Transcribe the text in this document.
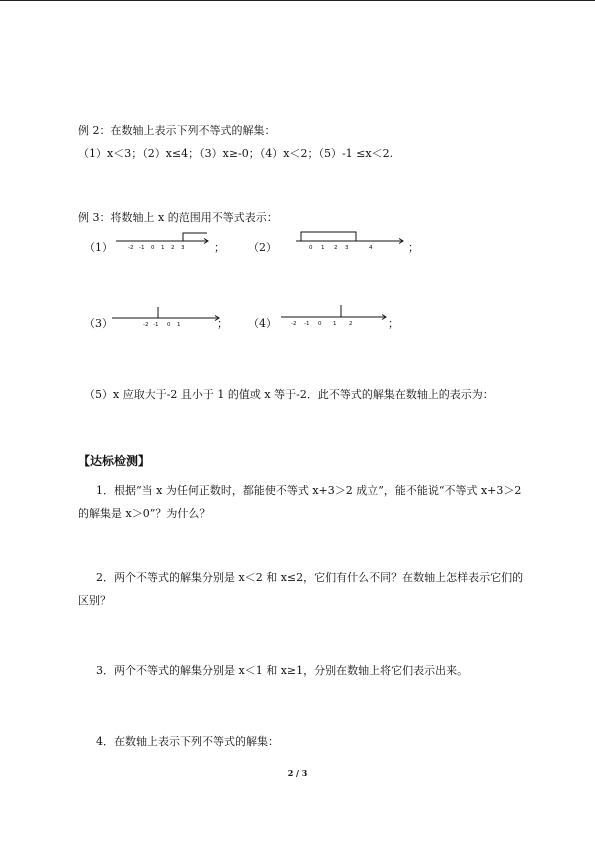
例 2：在数轴上表示下列不等式的解集：
（1）x＜3；（2）x≤4；（3）x≥-0；（4）x＜2；（5）-1 ≤x＜2.
例 3：将数轴上 x 的范围用不等式表示：
（1）	-2 -1 0 1 2 3	； （2）	0 1 2 3	4	；
（3）	-2 -1 0 1	； （4）	-2 -1 0 1 2	；
（5）x 应取大于-2 且小于 1 的值或 x 等于-2．此不等式的解集在数轴上的表示为：
【达标检测】
1．根据“当 x 为任何正数时，都能使不等式 x+3＞2 成立”，能不能说“不等式 x+3＞2
的解集是 x＞0”？为什么？
2．两个不等式的解集分别是 x＜2 和 x≤2，它们有什么不同？在数轴上怎样表示它们的
区别？
3．两个不等式的解集分别是 x＜1 和 x≥1，分别在数轴上将它们表示出来。
4．在数轴上表示下列不等式的解集：
2 / 3
